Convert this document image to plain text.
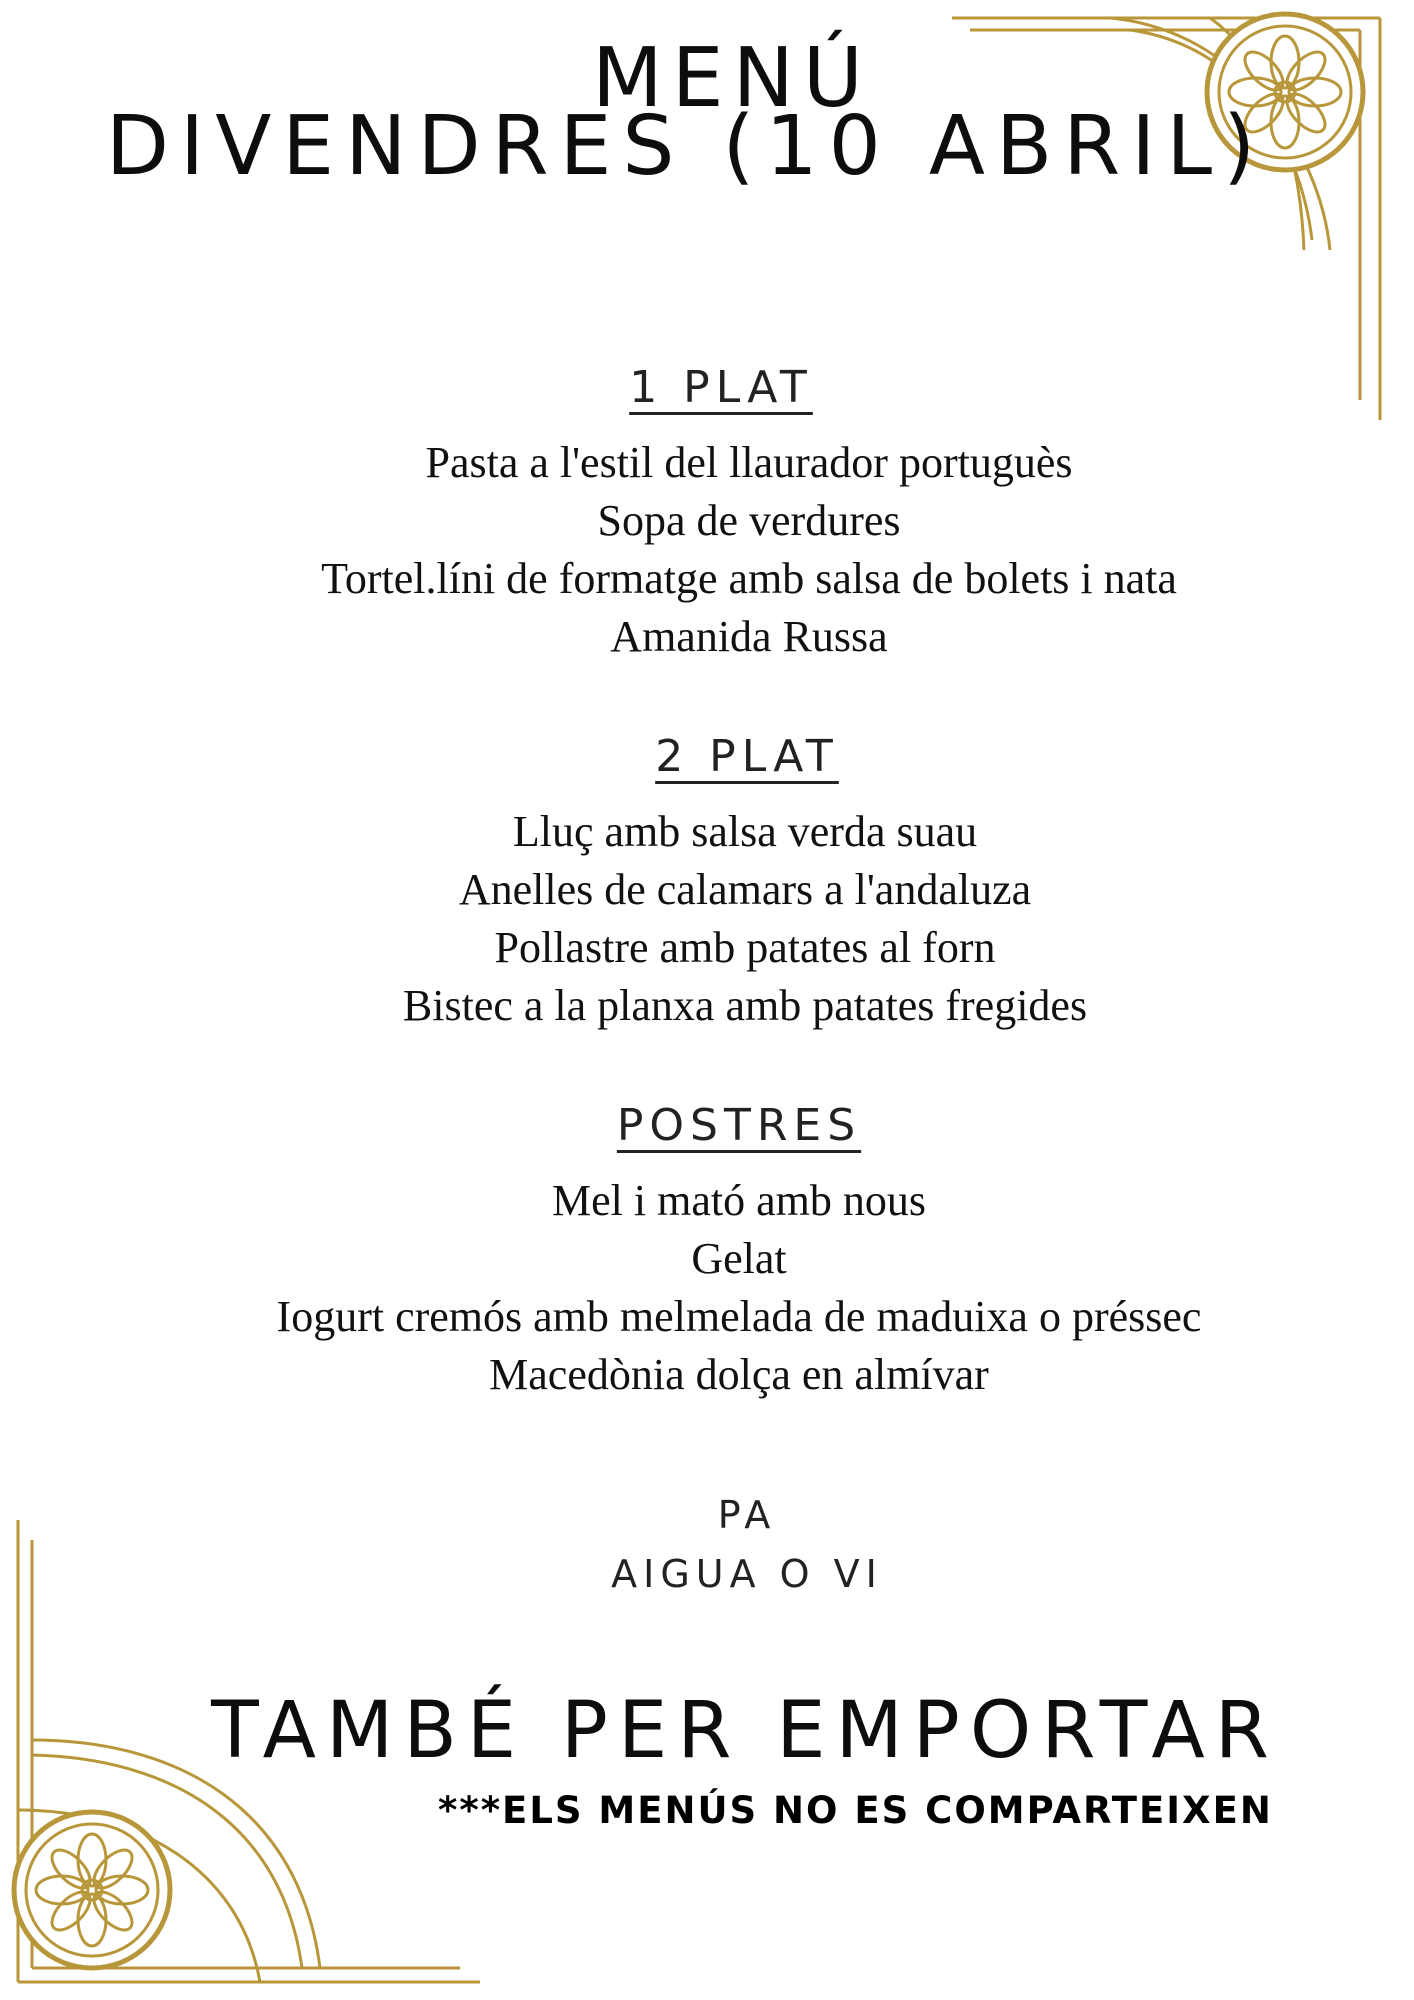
MENÚ
DIVENDRES (10 ABRIL)
1 PLAT
Pasta a l'estil del llaurador portuguès
Sopa de verdures
Tortel.líni de formatge amb salsa de bolets i nata
Amanida Russa
2 PLAT
Lluç amb salsa verda suau
Anelles de calamars a l'andaluza
Pollastre amb patates al forn
Bistec a la planxa amb patates fregides
POSTRES
Mel i mató amb nous
Gelat
Iogurt cremós amb melmelada de maduixa o préssec
Macedònia dolça en almívar
PA
AIGUA O VI
TAMBÉ PER EMPORTAR
***ELS MENÚS NO ES COMPARTEIXEN
